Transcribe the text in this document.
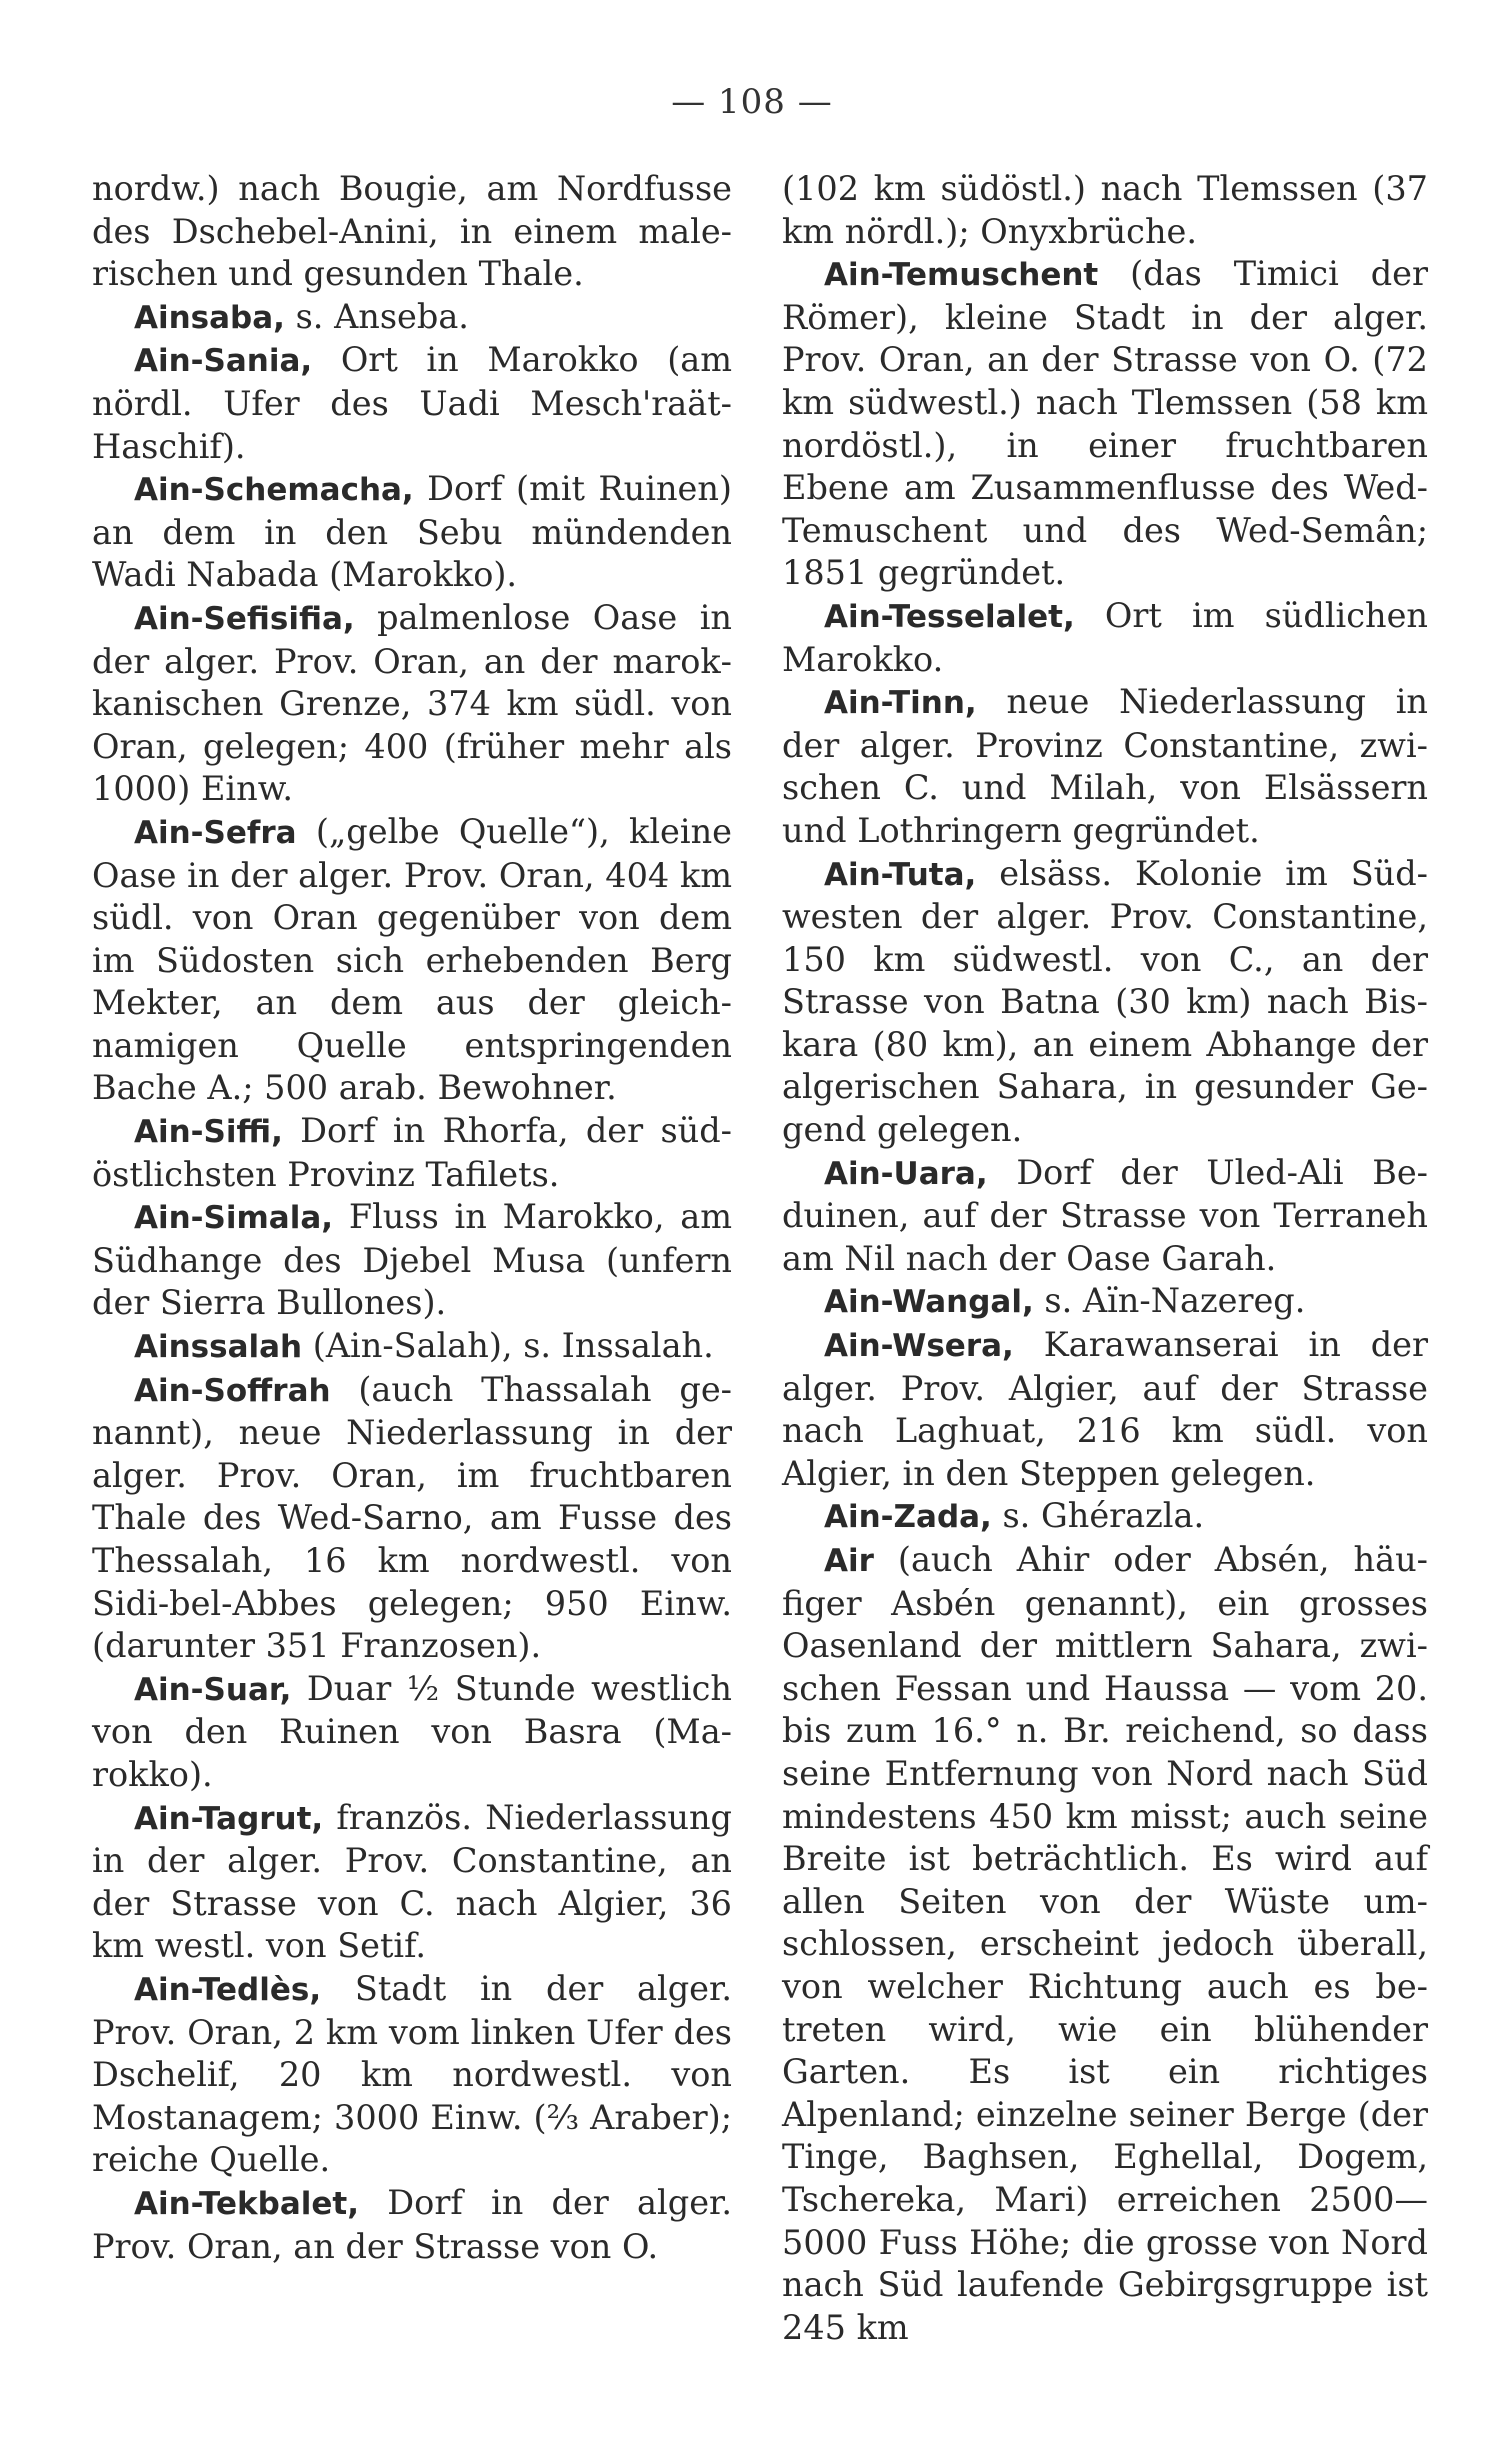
— 108 —

nordw.) nach Bougie, am Nordfusse des Dschebel-Anini, in einem malerischen und gesunden Thale.

Ainsaba, s. Anseba.

Ain-Sania, Ort in Marokko (am nördl. Ufer des Uadi Mesch'raät-Haschif).

Ain-Schemacha, Dorf (mit Ruinen) an dem in den Sebu mündenden Wadi Nabada (Marokko).

Ain-Sefisifia, palmenlose Oase in der alger. Prov. Oran, an der marokkanischen Grenze, 374 km südl. von Oran, gelegen; 400 (früher mehr als 1000) Einw.

Ain-Sefra („gelbe Quelle“), kleine Oase in der alger. Prov. Oran, 404 km südl. von Oran gegenüber von dem im Südosten sich erhebenden Berg Mekter, an dem aus der gleichnamigen Quelle entspringenden Bache A.; 500 arab. Bewohner.

Ain-Siffi, Dorf in Rhorfa, der südöstlichsten Provinz Tafilets.

Ain-Simala, Fluss in Marokko, am Südhange des Djebel Musa (unfern der Sierra Bullones).

Ainssalah (Ain-Salah), s. Inssalah.

Ain-Soffrah (auch Thassalah genannt), neue Niederlassung in der alger. Prov. Oran, im fruchtbaren Thale des Wed-Sarno, am Fusse des Thessalah, 16 km nordwestl. von Sidi-bel-Abbes gelegen; 950 Einw. (darunter 351 Franzosen).

Ain-Suar, Duar ½ Stunde westlich von den Ruinen von Basra (Marokko).

Ain-Tagrut, französ. Niederlassung in der alger. Prov. Constantine, an der Strasse von C. nach Algier, 36 km westl. von Setif.

Ain-Tedlès, Stadt in der alger. Prov. Oran, 2 km vom linken Ufer des Dschelif, 20 km nordwestl. von Mostanagem; 3000 Einw. (⅔ Araber); reiche Quelle.

Ain-Tekbalet, Dorf in der alger. Prov. Oran, an der Strasse von O.

(102 km südöstl.) nach Tlemssen (37 km nördl.); Onyxbrüche.

Ain-Temuschent (das Timici der Römer), kleine Stadt in der alger. Prov. Oran, an der Strasse von O. (72 km südwestl.) nach Tlemssen (58 km nordöstl.), in einer fruchtbaren Ebene am Zusammenflusse des Wed-Temuschent und des Wed-Semân; 1851 gegründet.

Ain-Tesselalet, Ort im südlichen Marokko.

Ain-Tinn, neue Niederlassung in der alger. Provinz Constantine, zwischen C. und Milah, von Elsässern und Lothringern gegründet.

Ain-Tuta, elsäss. Kolonie im Südwesten der alger. Prov. Constantine, 150 km südwestl. von C., an der Strasse von Batna (30 km) nach Biskara (80 km), an einem Abhange der algerischen Sahara, in gesunder Gegend gelegen.

Ain-Uara, Dorf der Uled-Ali Beduinen, auf der Strasse von Terraneh am Nil nach der Oase Garah.

Ain-Wangal, s. Aïn-Nazereg.

Ain-Wsera, Karawanserai in der alger. Prov. Algier, auf der Strasse nach Laghuat, 216 km südl. von Algier, in den Steppen gelegen.

Ain-Zada, s. Ghérazla.

Air (auch Ahir oder Absén, häufiger Asbén genannt), ein grosses Oasenland der mittlern Sahara, zwischen Fessan und Haussa — vom 20. bis zum 16.° n. Br. reichend, so dass seine Entfernung von Nord nach Süd mindestens 450 km misst; auch seine Breite ist beträchtlich. Es wird auf allen Seiten von der Wüste umschlossen, erscheint jedoch überall, von welcher Richtung auch es betreten wird, wie ein blühender Garten. Es ist ein richtiges Alpenland; einzelne seiner Berge (der Tinge, Baghsen, Eghellal, Dogem, Tschereka, Mari) erreichen 2500—5000 Fuss Höhe; die grosse von Nord nach Süd laufende Gebirgsgruppe ist 245 km
